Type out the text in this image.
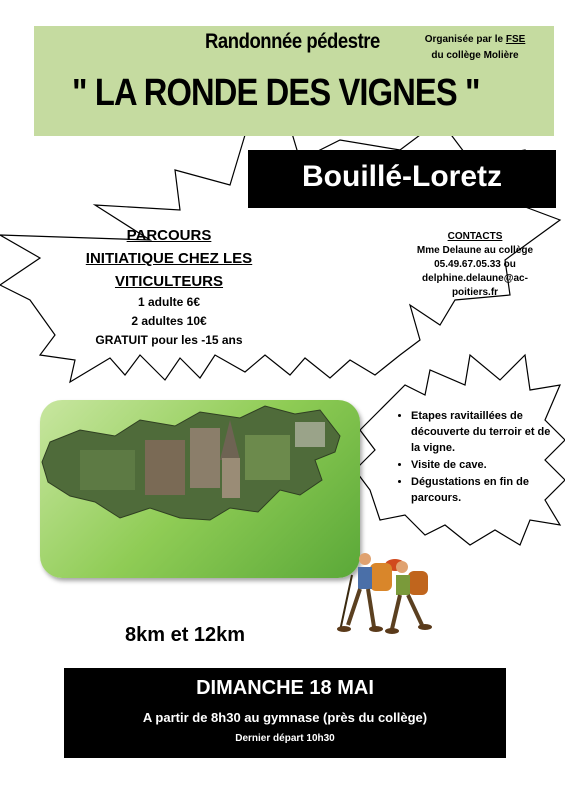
Randonnée pédestre
" LA RONDE DES VIGNES "
Organisée par le FSE
du collège Molière
Bouillé-Loretz
PARCOURS
INITIATIQUE CHEZ LES
VITICULTEURS
1 adulte 6€
2 adultes 10€
GRATUIT pour les -15 ans
CONTACTS
Mme Delaune au collège
05.49.67.05.33 ou
delphine.delaune@ac-
poitiers.fr
• Etapes ravitaillées de découverte du terroir et de la vigne.
• Visite de cave.
• Dégustations en fin de parcours.
8km et 12km
DIMANCHE 18 MAI
A partir de 8h30 au gymnase (près du collège)
Dernier départ 10h30
